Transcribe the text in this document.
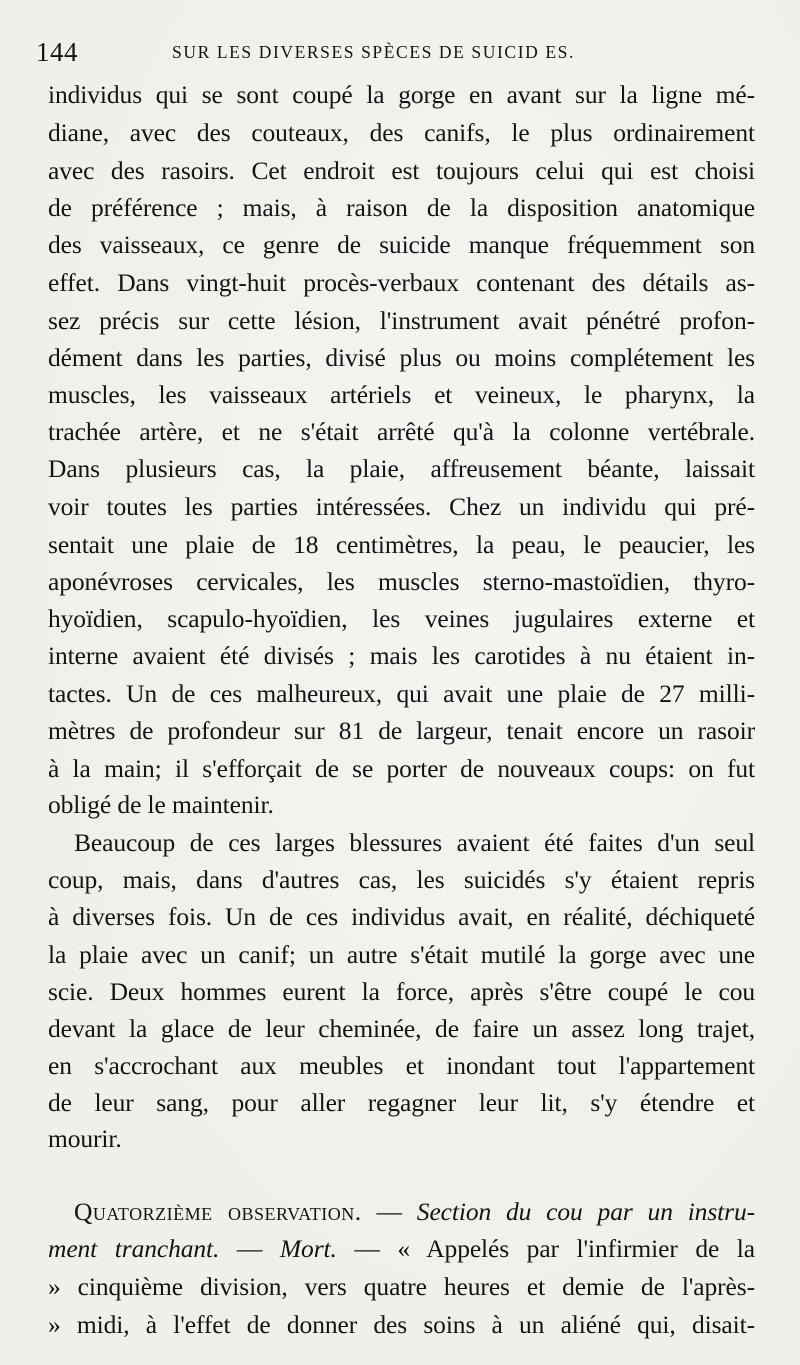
144	SUR LES DIVERSES SPÈCES DE SUICID ES.
individus qui se sont coupé la gorge en avant sur la ligne mé-
diane, avec des couteaux, des canifs, le plus ordinairement
avec des rasoirs. Cet endroit est toujours celui qui est choisi
de préférence ; mais, à raison de la disposition anatomique
des vaisseaux, ce genre de suicide manque fréquemment son
effet. Dans vingt-huit procès-verbaux contenant des détails as-
sez précis sur cette lésion, l'instrument avait pénétré profon-
dément dans les parties, divisé plus ou moins complétement les
muscles, les vaisseaux artériels et veineux, le pharynx, la
trachée artère, et ne s'était arrêté qu'à la colonne vertébrale.
Dans plusieurs cas, la plaie, affreusement béante, laissait
voir toutes les parties intéressées. Chez un individu qui pré-
sentait une plaie de 18 centimètres, la peau, le peaucier, les
aponévroses cervicales, les muscles sterno-mastoïdien, thyro-
hyoïdien, scapulo-hyoïdien, les veines jugulaires externe et
interne avaient été divisés ; mais les carotides à nu étaient in-
tactes. Un de ces malheureux, qui avait une plaie de 27 milli-
mètres de profondeur sur 81 de largeur, tenait encore un rasoir
à la main; il s'efforçait de se porter de nouveaux coups: on fut
obligé de le maintenir.
Beaucoup de ces larges blessures avaient été faites d'un seul
coup, mais, dans d'autres cas, les suicidés s'y étaient repris
à diverses fois. Un de ces individus avait, en réalité, déchiqueté
la plaie avec un canif; un autre s'était mutilé la gorge avec une
scie. Deux hommes eurent la force, après s'être coupé le cou
devant la glace de leur cheminée, de faire un assez long trajet,
en s'accrochant aux meubles et inondant tout l'appartement
de leur sang, pour aller regagner leur lit, s'y étendre et
mourir.
Quatorzième observation. — Section du cou par un instru-
ment tranchant. — Mort. — « Appelés par l'infirmier de la
» cinquième division, vers quatre heures et demie de l'après-
» midi, à l'effet de donner des soins à un aliéné qui, disait-
